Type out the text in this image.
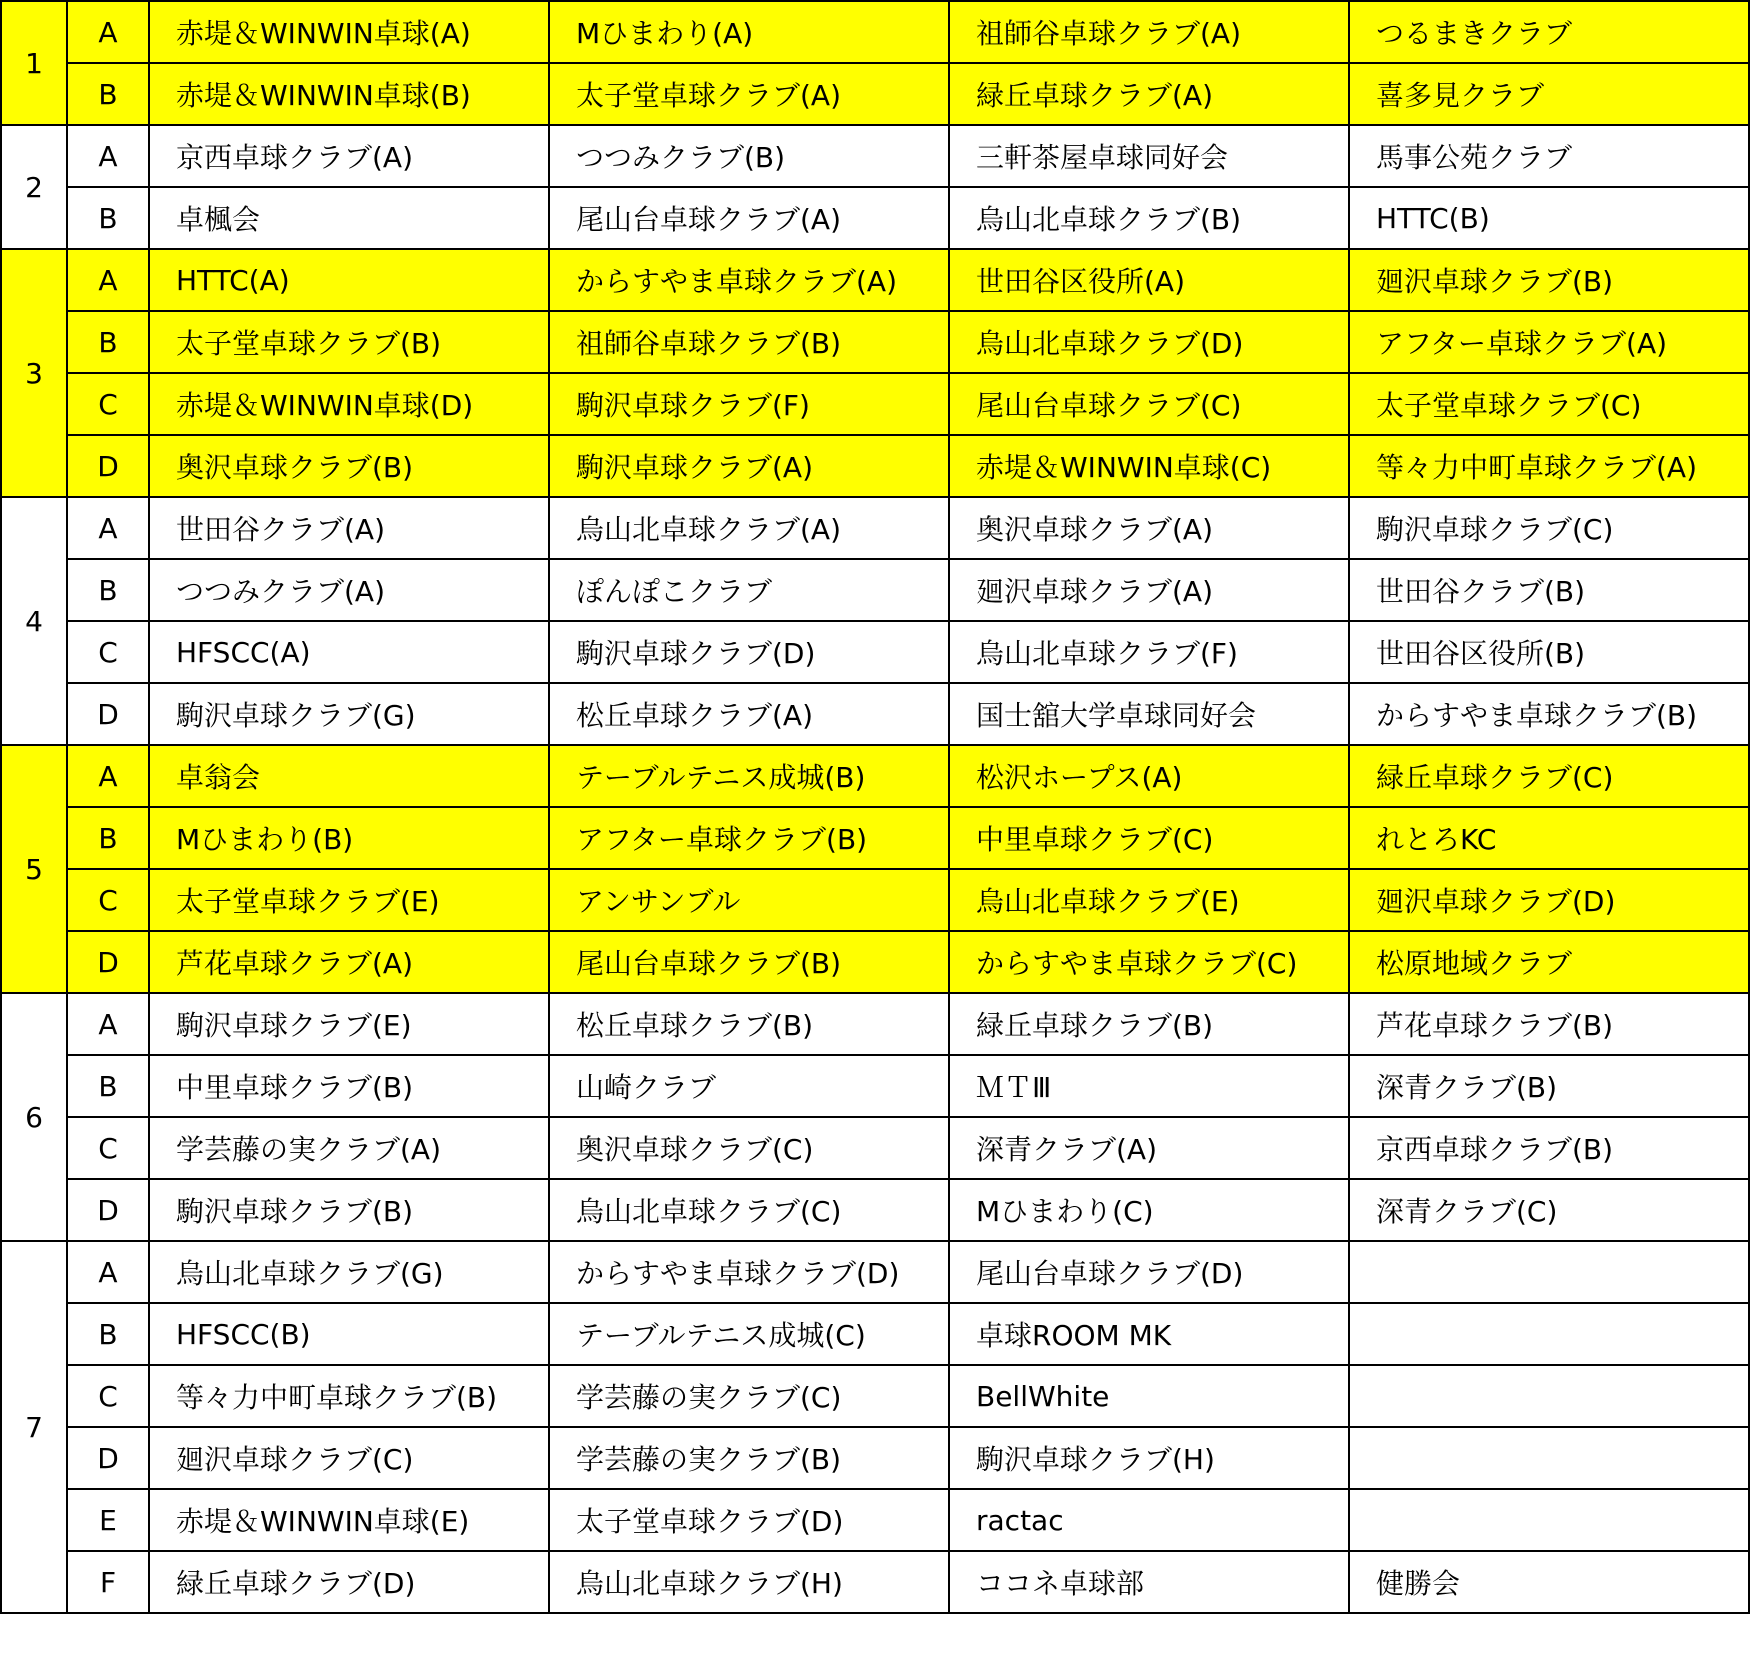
1	A	赤堤＆WINWIN卓球(A)	Mひまわり(A)	祖師谷卓球クラブ(A)	つるまきクラブ
	B	赤堤＆WINWIN卓球(B)	太子堂卓球クラブ(A)	緑丘卓球クラブ(A)	喜多見クラブ
2	A	京西卓球クラブ(A)	つつみクラブ(B)	三軒茶屋卓球同好会	馬事公苑クラブ
	B	卓楓会	尾山台卓球クラブ(A)	烏山北卓球クラブ(B)	HTTC(B)
3	A	HTTC(A)	からすやま卓球クラブ(A)	世田谷区役所(A)	廻沢卓球クラブ(B)
	B	太子堂卓球クラブ(B)	祖師谷卓球クラブ(B)	烏山北卓球クラブ(D)	アフター卓球クラブ(A)
	C	赤堤＆WINWIN卓球(D)	駒沢卓球クラブ(F)	尾山台卓球クラブ(C)	太子堂卓球クラブ(C)
	D	奥沢卓球クラブ(B)	駒沢卓球クラブ(A)	赤堤＆WINWIN卓球(C)	等々力中町卓球クラブ(A)
4	A	世田谷クラブ(A)	烏山北卓球クラブ(A)	奥沢卓球クラブ(A)	駒沢卓球クラブ(C)
	B	つつみクラブ(A)	ぽんぽこクラブ	廻沢卓球クラブ(A)	世田谷クラブ(B)
	C	HFSCC(A)	駒沢卓球クラブ(D)	烏山北卓球クラブ(F)	世田谷区役所(B)
	D	駒沢卓球クラブ(G)	松丘卓球クラブ(A)	国士舘大学卓球同好会	からすやま卓球クラブ(B)
5	A	卓翁会	テーブルテニス成城(B)	松沢ホープス(A)	緑丘卓球クラブ(C)
	B	Mひまわり(B)	アフター卓球クラブ(B)	中里卓球クラブ(C)	れとろKC
	C	太子堂卓球クラブ(E)	アンサンブル	烏山北卓球クラブ(E)	廻沢卓球クラブ(D)
	D	芦花卓球クラブ(A)	尾山台卓球クラブ(B)	からすやま卓球クラブ(C)	松原地域クラブ
6	A	駒沢卓球クラブ(E)	松丘卓球クラブ(B)	緑丘卓球クラブ(B)	芦花卓球クラブ(B)
	B	中里卓球クラブ(B)	山崎クラブ	ＭＴⅢ	深青クラブ(B)
	C	学芸藤の実クラブ(A)	奥沢卓球クラブ(C)	深青クラブ(A)	京西卓球クラブ(B)
	D	駒沢卓球クラブ(B)	烏山北卓球クラブ(C)	Mひまわり(C)	深青クラブ(C)
7	A	烏山北卓球クラブ(G)	からすやま卓球クラブ(D)	尾山台卓球クラブ(D)	
	B	HFSCC(B)	テーブルテニス成城(C)	卓球ROOM MK	
	C	等々力中町卓球クラブ(B)	学芸藤の実クラブ(C)	BellWhite	
	D	廻沢卓球クラブ(C)	学芸藤の実クラブ(B)	駒沢卓球クラブ(H)	
	E	赤堤＆WINWIN卓球(E)	太子堂卓球クラブ(D)	ractac	
	F	緑丘卓球クラブ(D)	烏山北卓球クラブ(H)	ココネ卓球部	健勝会
